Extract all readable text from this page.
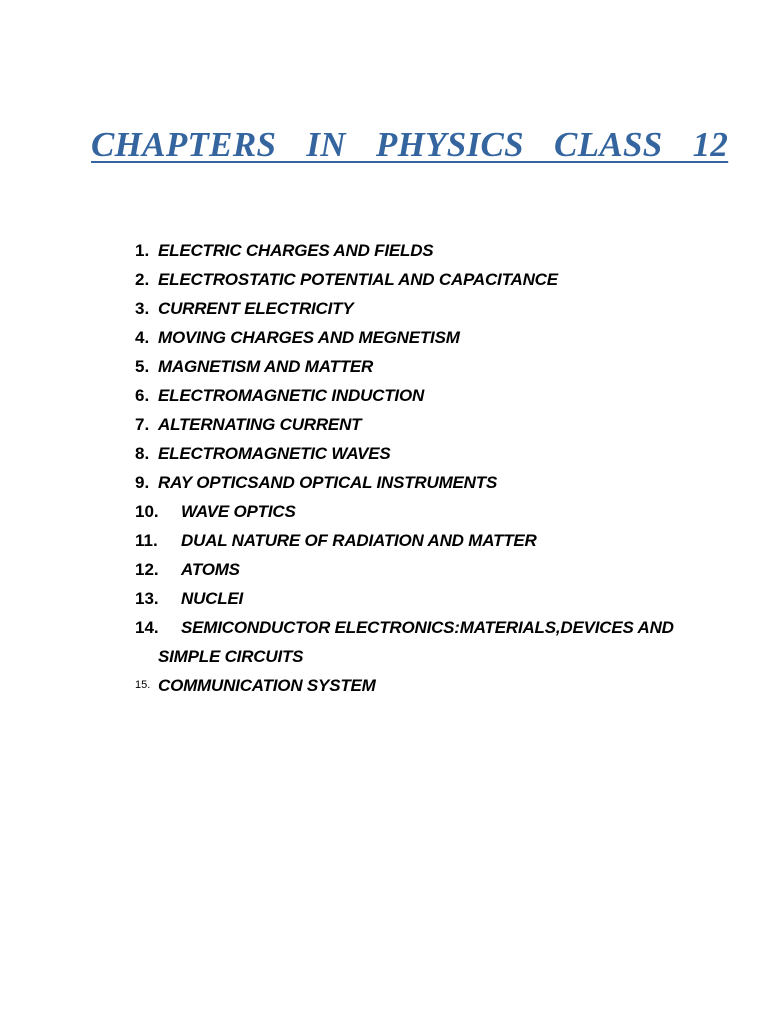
CHAPTERS  IN  PHYSICS  CLASS  12
1. ELECTRIC CHARGES AND FIELDS
2. ELECTROSTATIC POTENTIAL AND CAPACITANCE
3. CURRENT ELECTRICITY
4. MOVING CHARGES AND MEGNETISM
5. MAGNETISM AND MATTER
6. ELECTROMAGNETIC INDUCTION
7. ALTERNATING CURRENT
8. ELECTROMAGNETIC WAVES
9. RAY OPTICSAND OPTICAL INSTRUMENTS
10. WAVE OPTICS
11. DUAL NATURE OF RADIATION AND MATTER
12. ATOMS
13. NUCLEI
14.	SEMICONDUCTOR ELECTRONICS:MATERIALS,DEVICES AND SIMPLE CIRCUITS
15. COMMUNICATION SYSTEM
